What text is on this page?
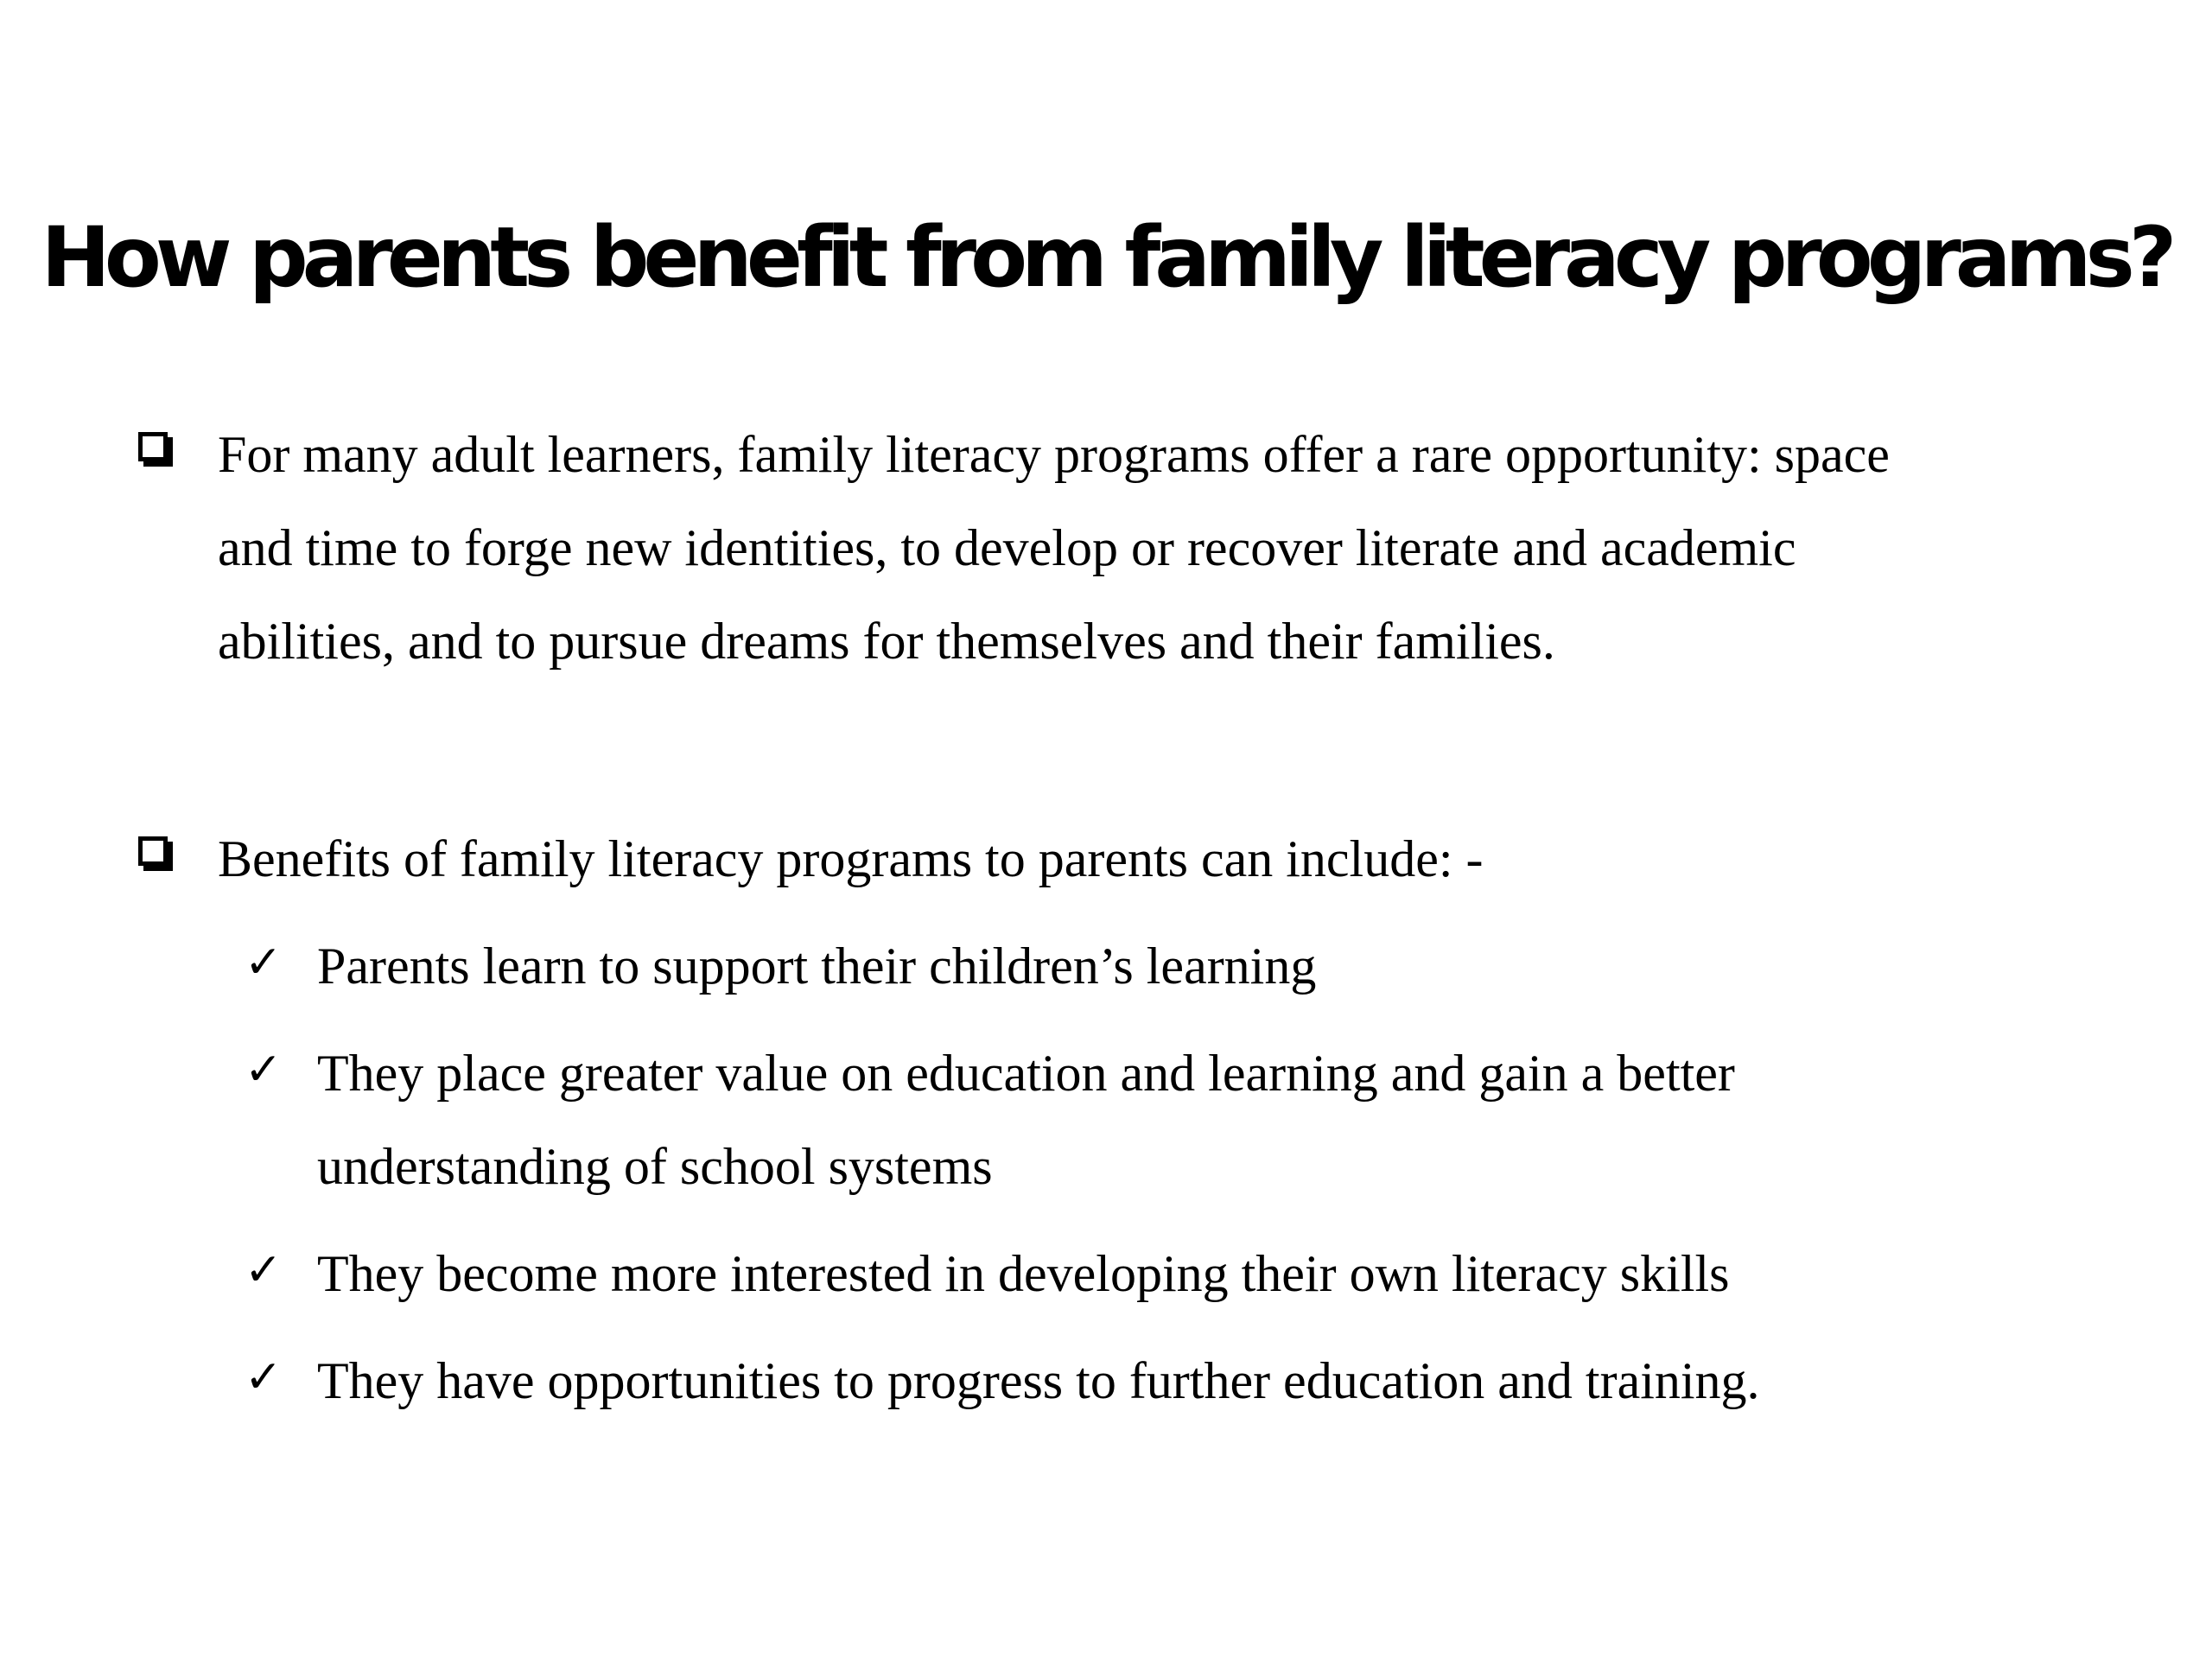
How parents benefit from family literacy programs?
For many adult learners, family literacy programs offer a rare opportunity: space
and time to forge new identities, to develop or recover literate and academic
abilities, and to pursue dreams for themselves and their families.
Benefits of family literacy programs to parents can include: -
✓ Parents learn to support their children’s learning
✓ They place greater value on education and learning and gain a better
understanding of school systems
✓ They become more interested in developing their own literacy skills
✓ They have opportunities to progress to further education and training.
